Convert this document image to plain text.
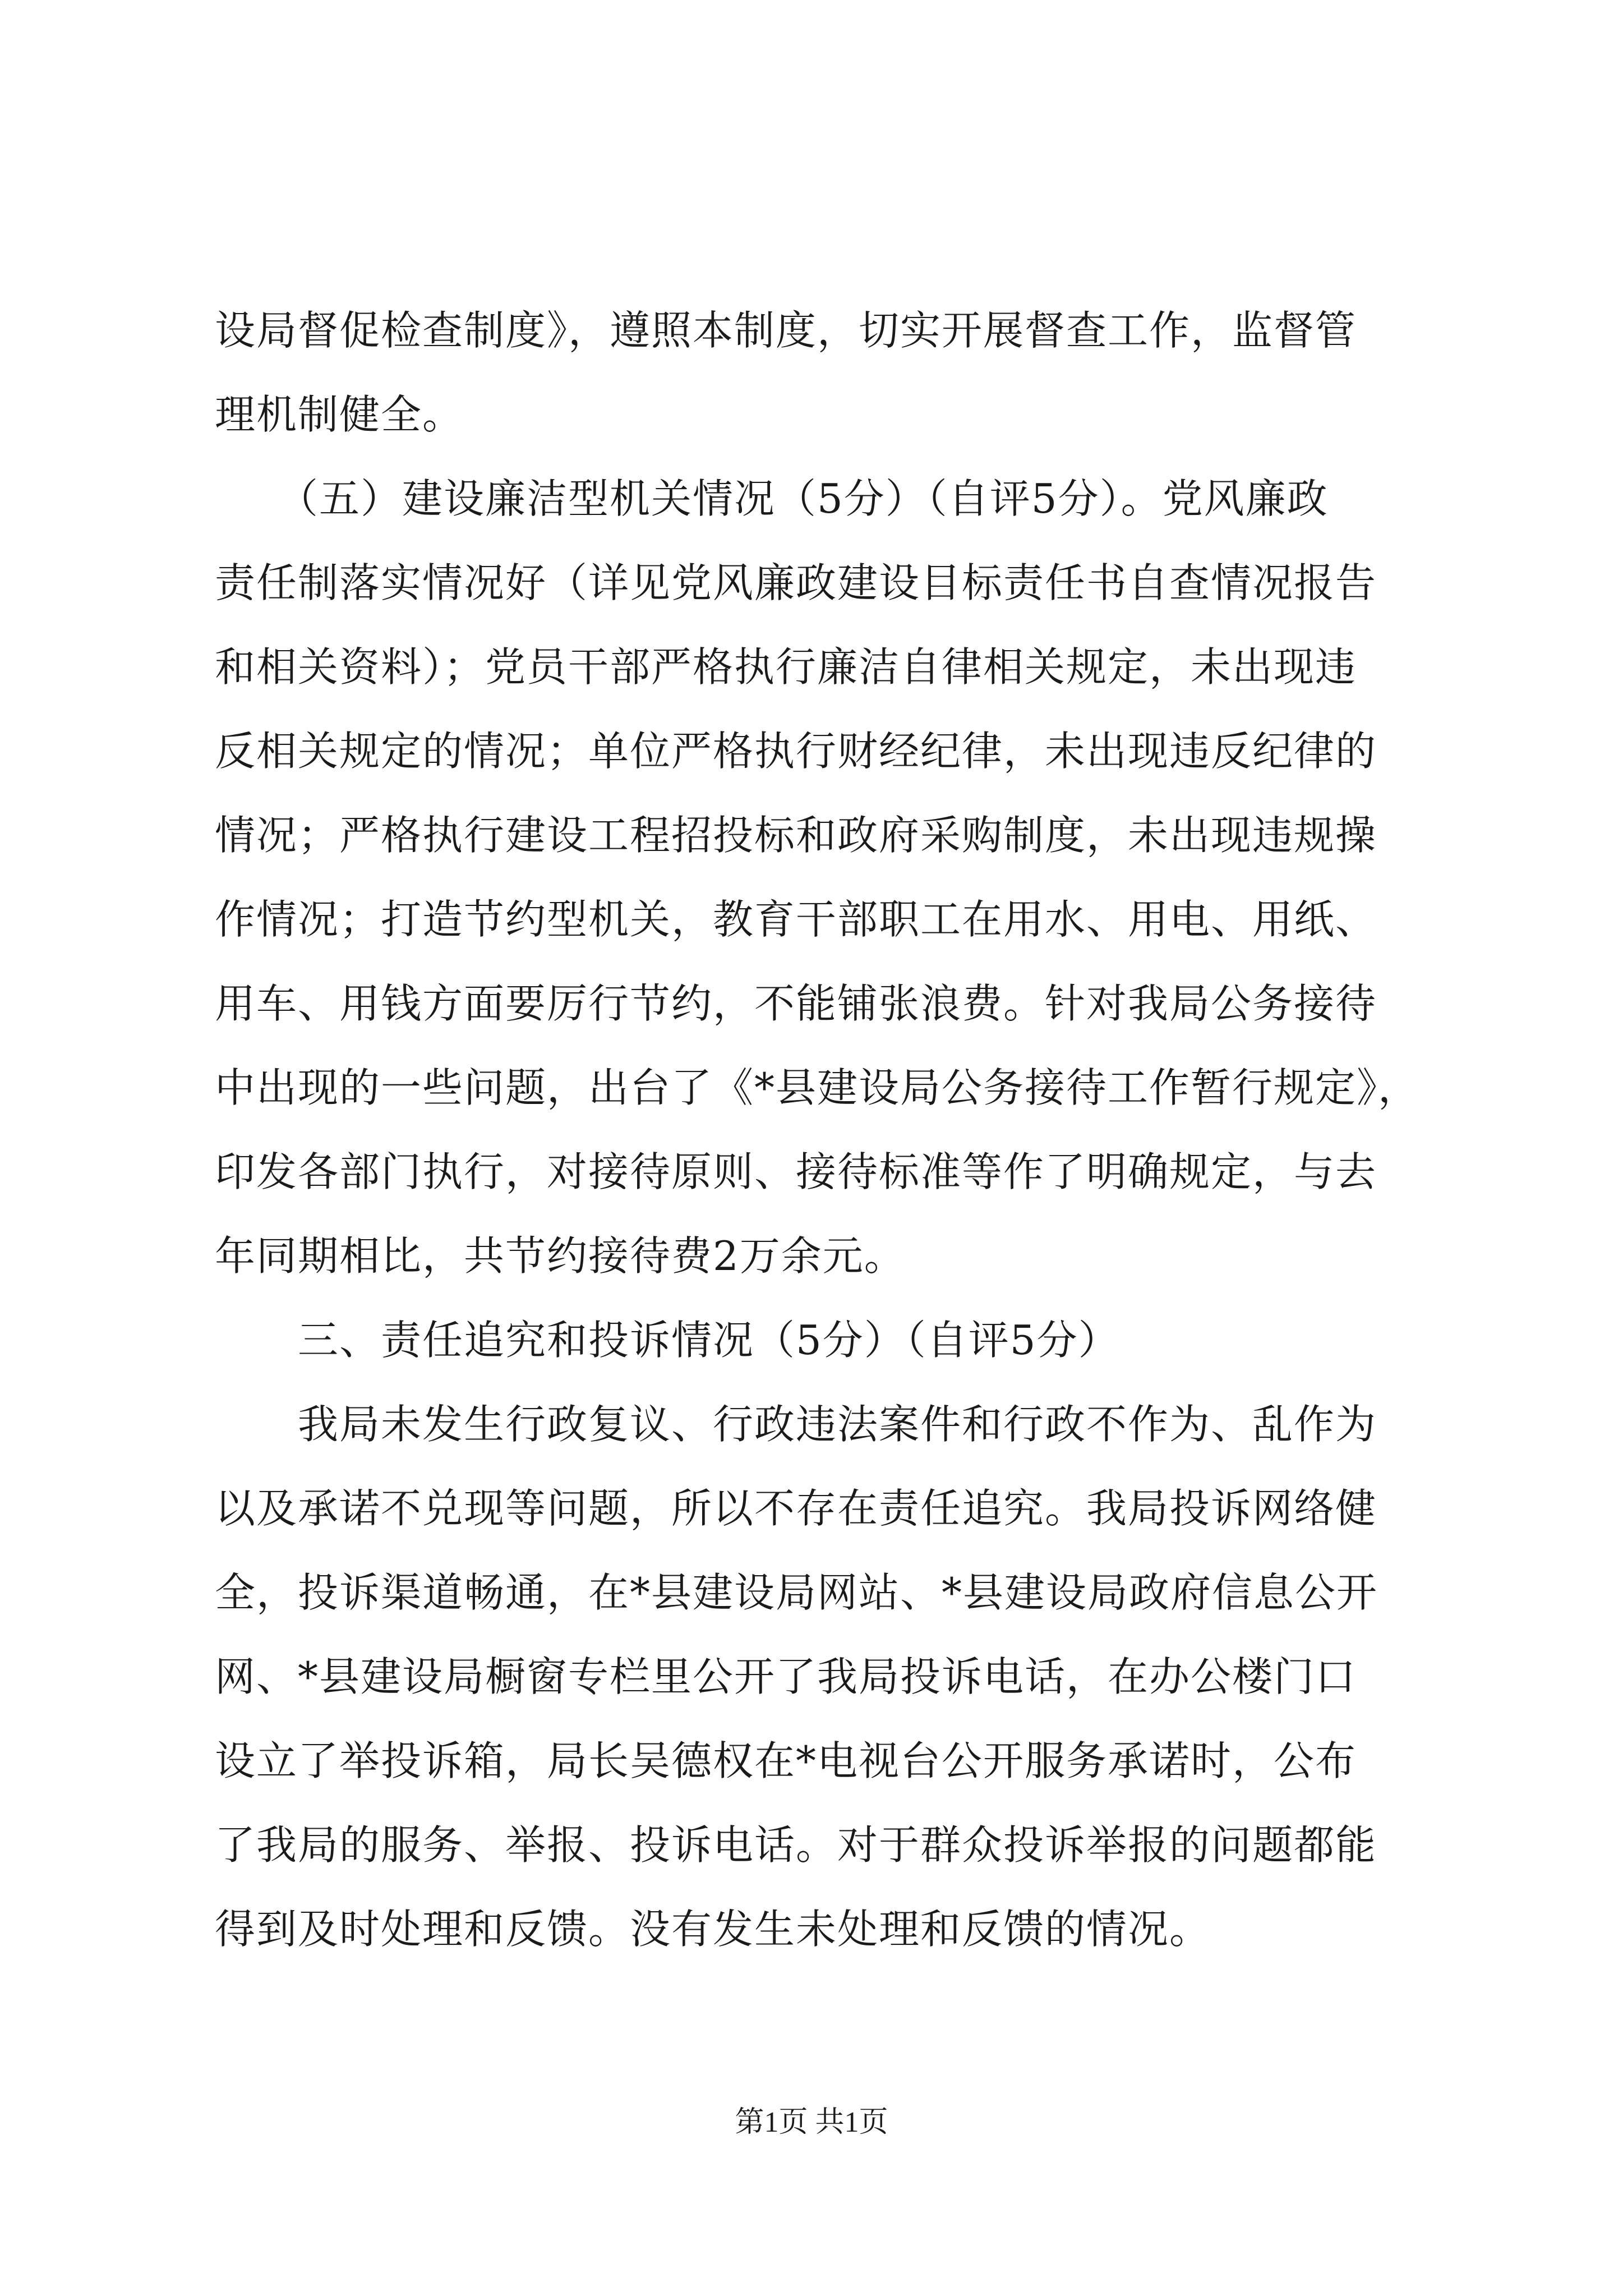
设局督促检查制度》，遵照本制度，切实开展督查工作，监督管
理机制健全。
　　（五）建设廉洁型机关情况（5分）（自评5分）。党风廉政
责任制落实情况好（详见党风廉政建设目标责任书自查情况报告
和相关资料）；党员干部严格执行廉洁自律相关规定，未出现违
反相关规定的情况；单位严格执行财经纪律，未出现违反纪律的
情况；严格执行建设工程招投标和政府采购制度，未出现违规操
作情况；打造节约型机关，教育干部职工在用水、用电、用纸、
用车、用钱方面要厉行节约，不能铺张浪费。针对我局公务接待
中出现的一些问题，出台了《*县建设局公务接待工作暂行规定》，
印发各部门执行，对接待原则、接待标准等作了明确规定，与去
年同期相比，共节约接待费2万余元。
　　三、责任追究和投诉情况（5分）（自评5分）
　　我局未发生行政复议、行政违法案件和行政不作为、乱作为
以及承诺不兑现等问题，所以不存在责任追究。我局投诉网络健
全，投诉渠道畅通，在*县建设局网站、*县建设局政府信息公开
网、*县建设局橱窗专栏里公开了我局投诉电话，在办公楼门口
设立了举投诉箱，局长吴德权在*电视台公开服务承诺时，公布
了我局的服务、举报、投诉电话。对于群众投诉举报的问题都能
得到及时处理和反馈。没有发生未处理和反馈的情况。
第1页 共1页
